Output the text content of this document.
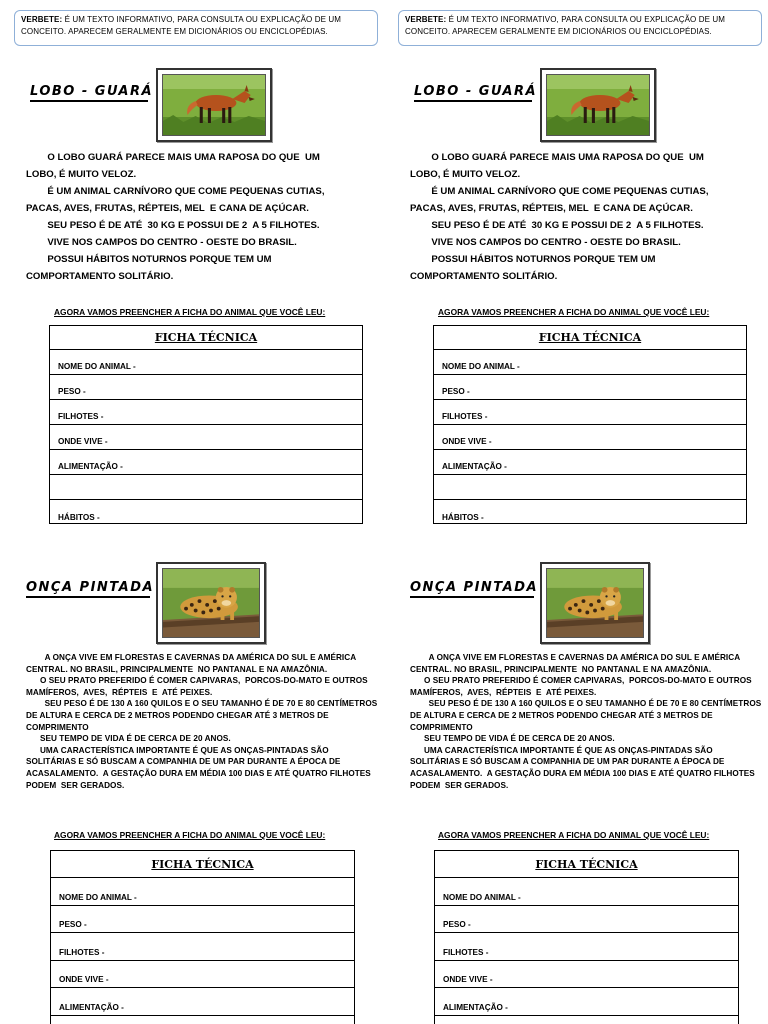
VERBETE: É UM TEXTO INFORMATIVO, PARA CONSULTA OU EXPLICAÇÃO DE UM CONCEITO. APARECEM GERALMENTE EM DICIONÁRIOS OU ENCICLOPÉDIAS.
LOBO - GUARÁ

O LOBO GUARÁ PARECE MAIS UMA RAPOSA DO QUE  UM

LOBO, É MUITO VELOZ.

É UM ANIMAL CARNÍVORO QUE COME PEQUENAS CUTIAS,

PACAS, AVES, FRUTAS, RÉPTEIS, MEL  E CANA DE AÇÚCAR.

SEU PESO É DE ATÉ  30 KG E POSSUI DE 2  A 5 FILHOTES.

VIVE NOS CAMPOS DO CENTRO - OESTE DO BRASIL.

POSSUI HÁBITOS NOTURNOS PORQUE TEM UM

COMPORTAMENTO SOLITÁRIO.

AGORA VAMOS PREENCHER A FICHA DO ANIMAL QUE VOCÊ LEU:
FICHA TÉCNICA
NOME DO ANIMAL -
PESO -
FILHOTES -
ONDE VIVE -
ALIMENTAÇÃO -
HÁBITOS -
ONÇA PINTADA

A ONÇA VIVE EM FLORESTAS E CAVERNAS DA AMÉRICA DO SUL E AMÉRICA CENTRAL. NO BRASIL, PRINCIPALMENTE  NO PANTANAL E NA AMAZÔNIA.

O SEU PRATO PREFERIDO É COMER CAPIVARAS,  PORCOS-DO-MATO E OUTROS MAMÍFEROS,  AVES,  RÉPTEIS  E  ATÉ PEIXES.

SEU PESO É DE 130 A 160 QUILOS E O SEU TAMANHO É DE 70 E 80 CENTÍMETROS DE ALTURA E CERCA DE 2 METROS PODENDO CHEGAR ATÉ 3 METROS DE COMPRIMENTO

SEU TEMPO DE VIDA É DE CERCA DE 20 ANOS.

UMA CARACTERÍSTICA IMPORTANTE É QUE AS ONÇAS-PINTADAS SÃO SOLITÁRIAS E SÓ BUSCAM A COMPANHIA DE UM PAR DURANTE A ÉPOCA DE ACASALAMENTO.  A GESTAÇÃO DURA EM MÉDIA 100 DIAS E ATÉ QUATRO FILHOTES PODEM  SER GERADOS.

AGORA VAMOS PREENCHER A FICHA DO ANIMAL QUE VOCÊ LEU:
FICHA TÉCNICA
NOME DO ANIMAL -
PESO -
FILHOTES -
ONDE VIVE -
ALIMENTAÇÃO -
VERBETE: É UM TEXTO INFORMATIVO, PARA CONSULTA OU EXPLICAÇÃO DE UM CONCEITO. APARECEM GERALMENTE EM DICIONÁRIOS OU ENCICLOPÉDIAS.
LOBO - GUARÁ

O LOBO GUARÁ PARECE MAIS UMA RAPOSA DO QUE  UM

LOBO, É MUITO VELOZ.

É UM ANIMAL CARNÍVORO QUE COME PEQUENAS CUTIAS,

PACAS, AVES, FRUTAS, RÉPTEIS, MEL  E CANA DE AÇÚCAR.

SEU PESO É DE ATÉ  30 KG E POSSUI DE 2  A 5 FILHOTES.

VIVE NOS CAMPOS DO CENTRO - OESTE DO BRASIL.

POSSUI HÁBITOS NOTURNOS PORQUE TEM UM

COMPORTAMENTO SOLITÁRIO.

AGORA VAMOS PREENCHER A FICHA DO ANIMAL QUE VOCÊ LEU:
FICHA TÉCNICA
NOME DO ANIMAL -
PESO -
FILHOTES -
ONDE VIVE -
ALIMENTAÇÃO -
HÁBITOS -
ONÇA PINTADA

A ONÇA VIVE EM FLORESTAS E CAVERNAS DA AMÉRICA DO SUL E AMÉRICA CENTRAL. NO BRASIL, PRINCIPALMENTE  NO PANTANAL E NA AMAZÔNIA.

O SEU PRATO PREFERIDO É COMER CAPIVARAS,  PORCOS-DO-MATO E OUTROS MAMÍFEROS,  AVES,  RÉPTEIS  E  ATÉ PEIXES.

SEU PESO É DE 130 A 160 QUILOS E O SEU TAMANHO É DE 70 E 80 CENTÍMETROS DE ALTURA E CERCA DE 2 METROS PODENDO CHEGAR ATÉ 3 METROS DE COMPRIMENTO

SEU TEMPO DE VIDA É DE CERCA DE 20 ANOS.

UMA CARACTERÍSTICA IMPORTANTE É QUE AS ONÇAS-PINTADAS SÃO SOLITÁRIAS E SÓ BUSCAM A COMPANHIA DE UM PAR DURANTE A ÉPOCA DE ACASALAMENTO.  A GESTAÇÃO DURA EM MÉDIA 100 DIAS E ATÉ QUATRO FILHOTES PODEM  SER GERADOS.

AGORA VAMOS PREENCHER A FICHA DO ANIMAL QUE VOCÊ LEU:
FICHA TÉCNICA
NOME DO ANIMAL -
PESO -
FILHOTES -
ONDE VIVE -
ALIMENTAÇÃO -
